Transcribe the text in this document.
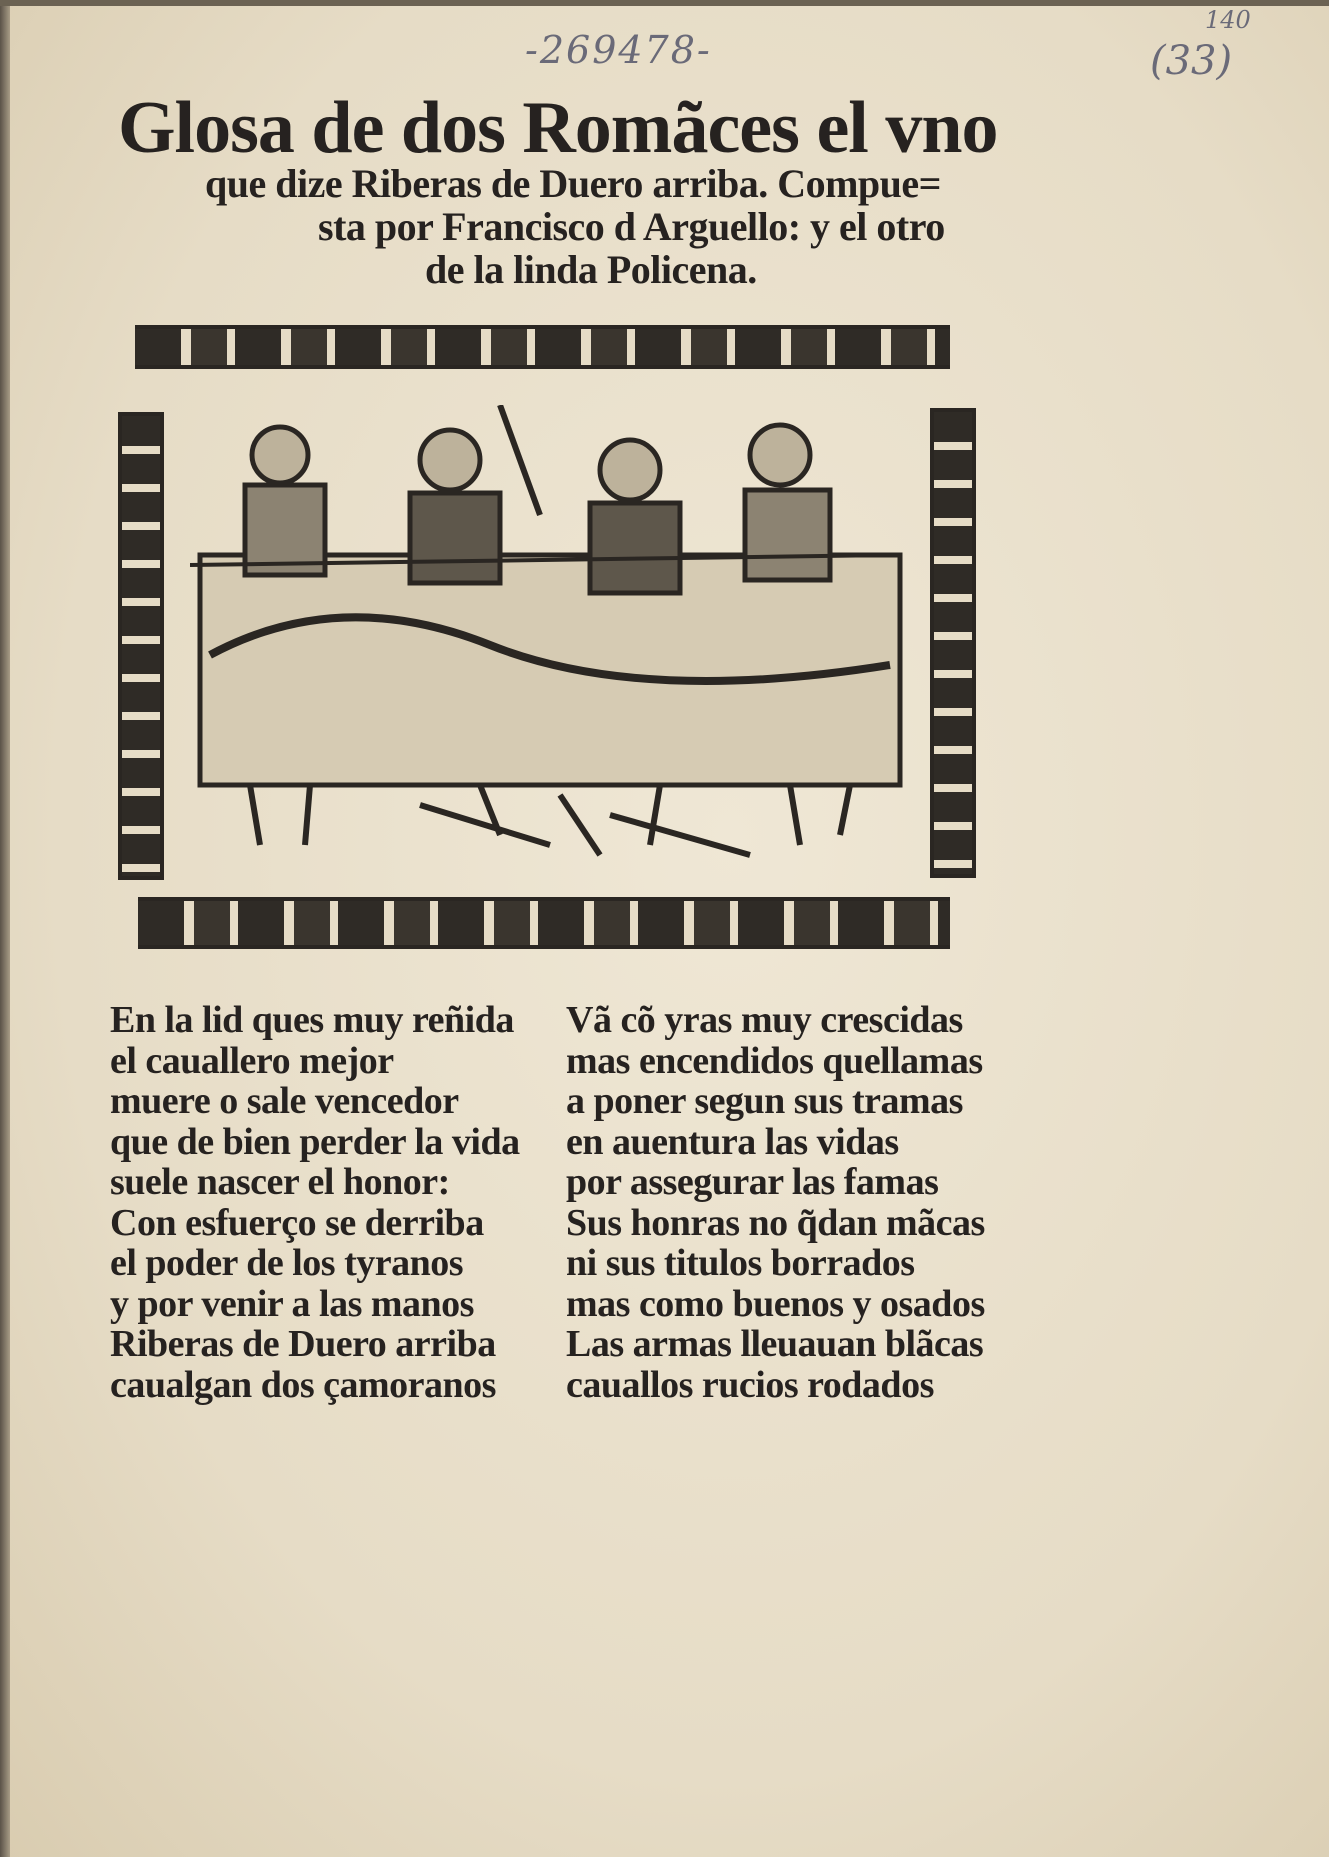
-269478-
140
(33)
Glosa de dos Romãces el vno
que dize Riberas de Duero arriba. Compue=
sta por Francisco d Arguello: y el otro
de la linda Policena.
En la lid ques muy reñida
el cauallero mejor
muere o sale vencedor
que de bien perder la vida
suele nascer el honor:
Con esfuerço se derriba
el poder de los tyranos
y por venir a las manos
Riberas de Duero arriba
caualgan dos çamoranos
Vã cõ yras muy crescidas
mas encendidos quellamas
a poner segun sus tramas
en auentura las vidas
por assegurar las famas
Sus honras no q̃dan mãcas
ni sus titulos borrados
mas como buenos y osados
Las armas lleuauan blãcas
cauallos rucios rodados
